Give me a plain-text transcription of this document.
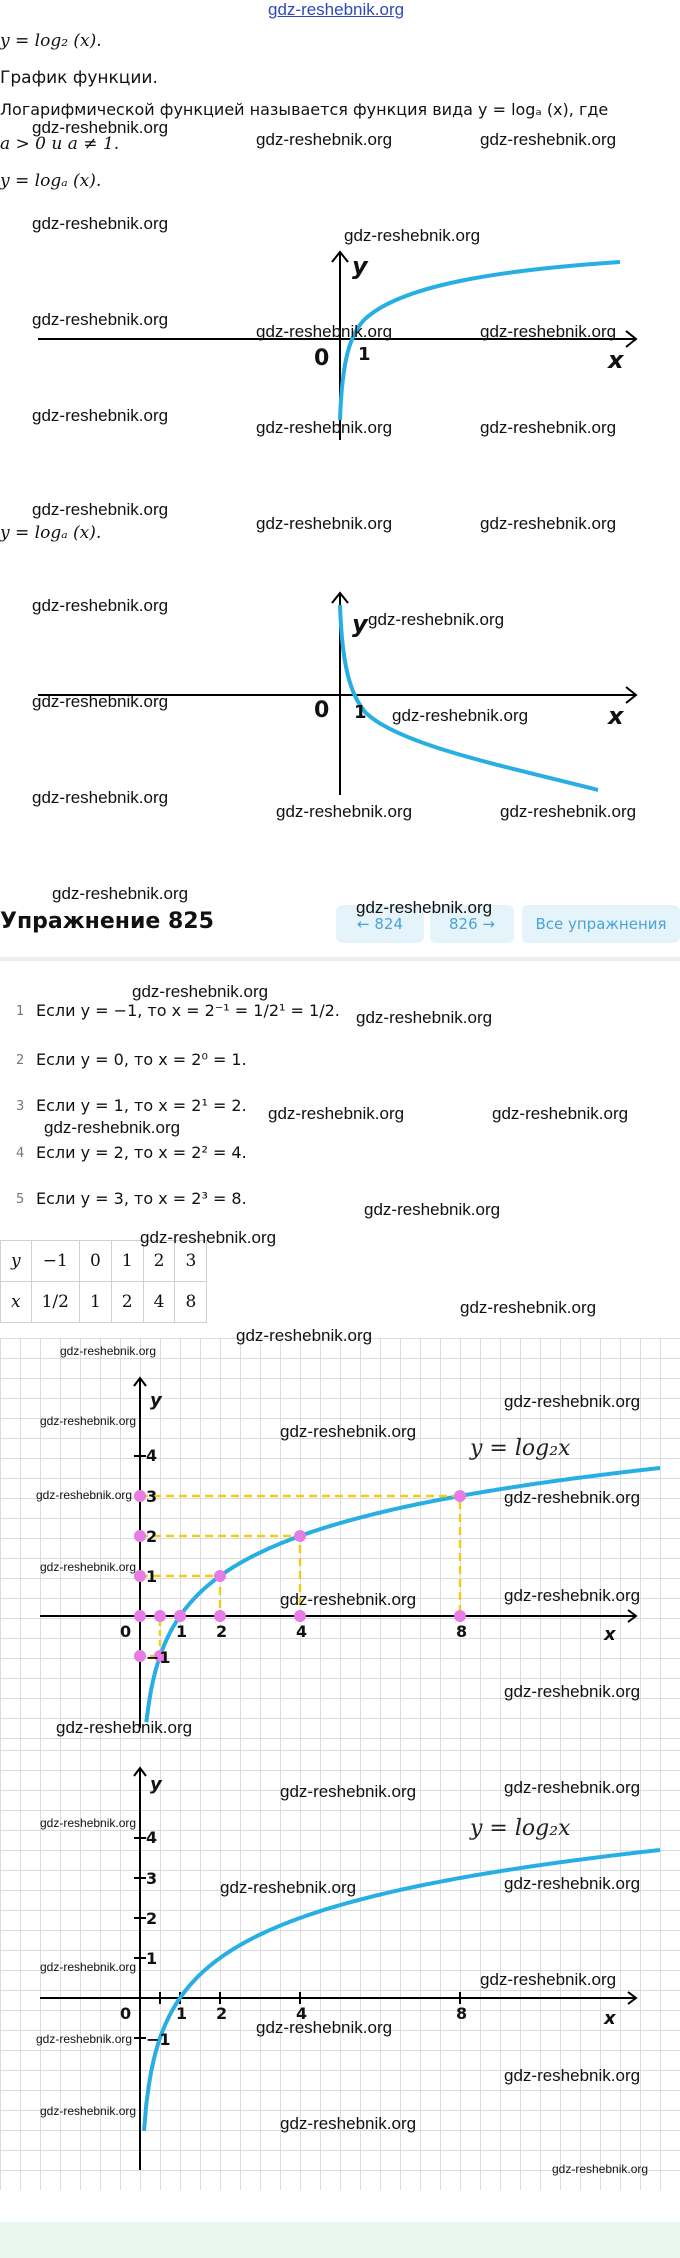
gdz-reshebnik.org
y = log₂ (x).
График функции.
Логарифмической функцией называется функция вида y = logₐ (x), где
a > 0 и a ≠ 1.
y = logₐ (x).
y
x
0 1
y = logₐ (x).
y
x
0 1
Упражнение 825	← 824	826 →	Все упражнения
1 Если y = −1, то x = 2⁻¹ = 1/2¹ = 1/2.
2 Если y = 0, то x = 2⁰ = 1.
3 Если y = 1, то x = 2¹ = 2.
4 Если y = 2, то x = 2² = 4.
5 Если y = 3, то x = 2³ = 8.
y	−1	0	1	2	3
x	1/2	1	2	4	8
y = log₂x
y
x
0
4
3
2
1
−1
1 2	4	8
y = log₂x
y
x
0
4
3
2
1
−1
1 2	4	8
gdz-reshebnik.org
gdz-reshebnik.org	gdz-reshebnik.org
gdz-reshebnik.org
gdz-reshebnik.org
gdz-reshebnik.org
gdz-reshebnik.org	gdz-reshebnik.org
gdz-reshebnik.org
gdz-reshebnik.org	gdz-reshebnik.org
gdz-reshebnik.org
gdz-reshebnik.org	gdz-reshebnik.org
gdz-reshebnik.org
gdz-reshebnik.org
gdz-reshebnik.org
gdz-reshebnik.org
gdz-reshebnik.org
gdz-reshebnik.org	gdz-reshebnik.org
gdz-reshebnik.org
gdz-reshebnik.org
gdz-reshebnik.org
gdz-reshebnik.org
gdz-reshebnik.org	gdz-reshebnik.org
gdz-reshebnik.org
gdz-reshebnik.org
gdz-reshebnik.org
gdz-reshebnik.org
gdz-reshebnik.org
gdz-reshebnik.org
gdz-reshebnik.org
gdz-reshebnik.org
gdz-reshebnik.org
gdz-reshebnik.org	gdz-reshebnik.org
gdz-reshebnik.org
gdz-reshebnik.org	gdz-reshebnik.org
gdz-reshebnik.org
gdz-reshebnik.org
gdz-reshebnik.org	gdz-reshebnik.org
gdz-reshebnik.org
gdz-reshebnik.org	gdz-reshebnik.org
gdz-reshebnik.org
gdz-reshebnik.org
gdz-reshebnik.org
gdz-reshebnik.org
gdz-reshebnik.org
gdz-reshebnik.org
gdz-reshebnik.org
gdz-reshebnik.org
